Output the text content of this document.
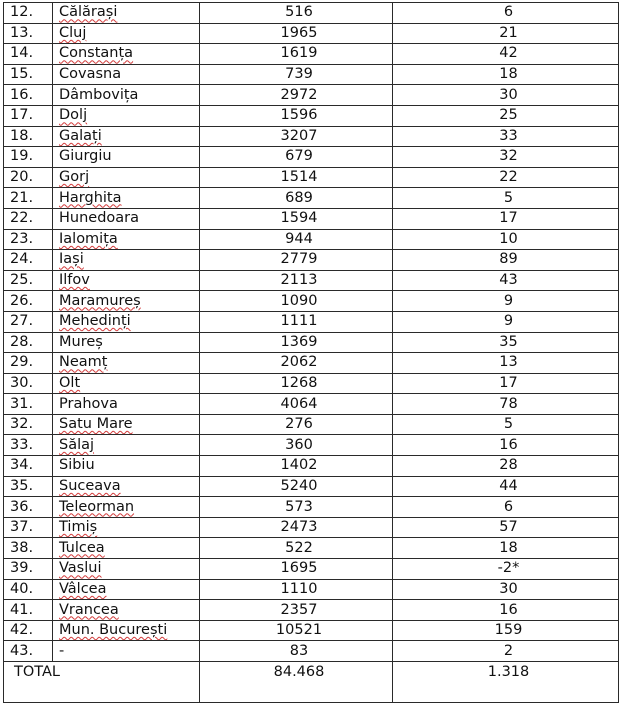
12.	Călărași	516	6
13.	Cluj	1965	21
14.	Constanța	1619	42
15.	Covasna	739	18
16.	Dâmbovița	2972	30
17.	Dolj	1596	25
18.	Galați	3207	33
19.	Giurgiu	679	32
20.	Gorj	1514	22
21.	Harghita	689	5
22.	Hunedoara	1594	17
23.	Ialomița	944	10
24.	Iași	2779	89
25.	Ilfov	2113	43
26.	Maramureș	1090	9
27.	Mehedinți	1111	9
28.	Mureș	1369	35
29.	Neamț	2062	13
30.	Olt	1268	17
31.	Prahova	4064	78
32.	Satu Mare	276	5
33.	Sălaj	360	16
34.	Sibiu	1402	28
35.	Suceava	5240	44
36.	Teleorman	573	6
37.	Timiș	2473	57
38.	Tulcea	522	18
39.	Vaslui	1695	-2*
40.	Vâlcea	1110	30
41.	Vrancea	2357	16
42.	Mun. București	10521	159
43.	-	83	2
TOTAL		84.468	1.318
